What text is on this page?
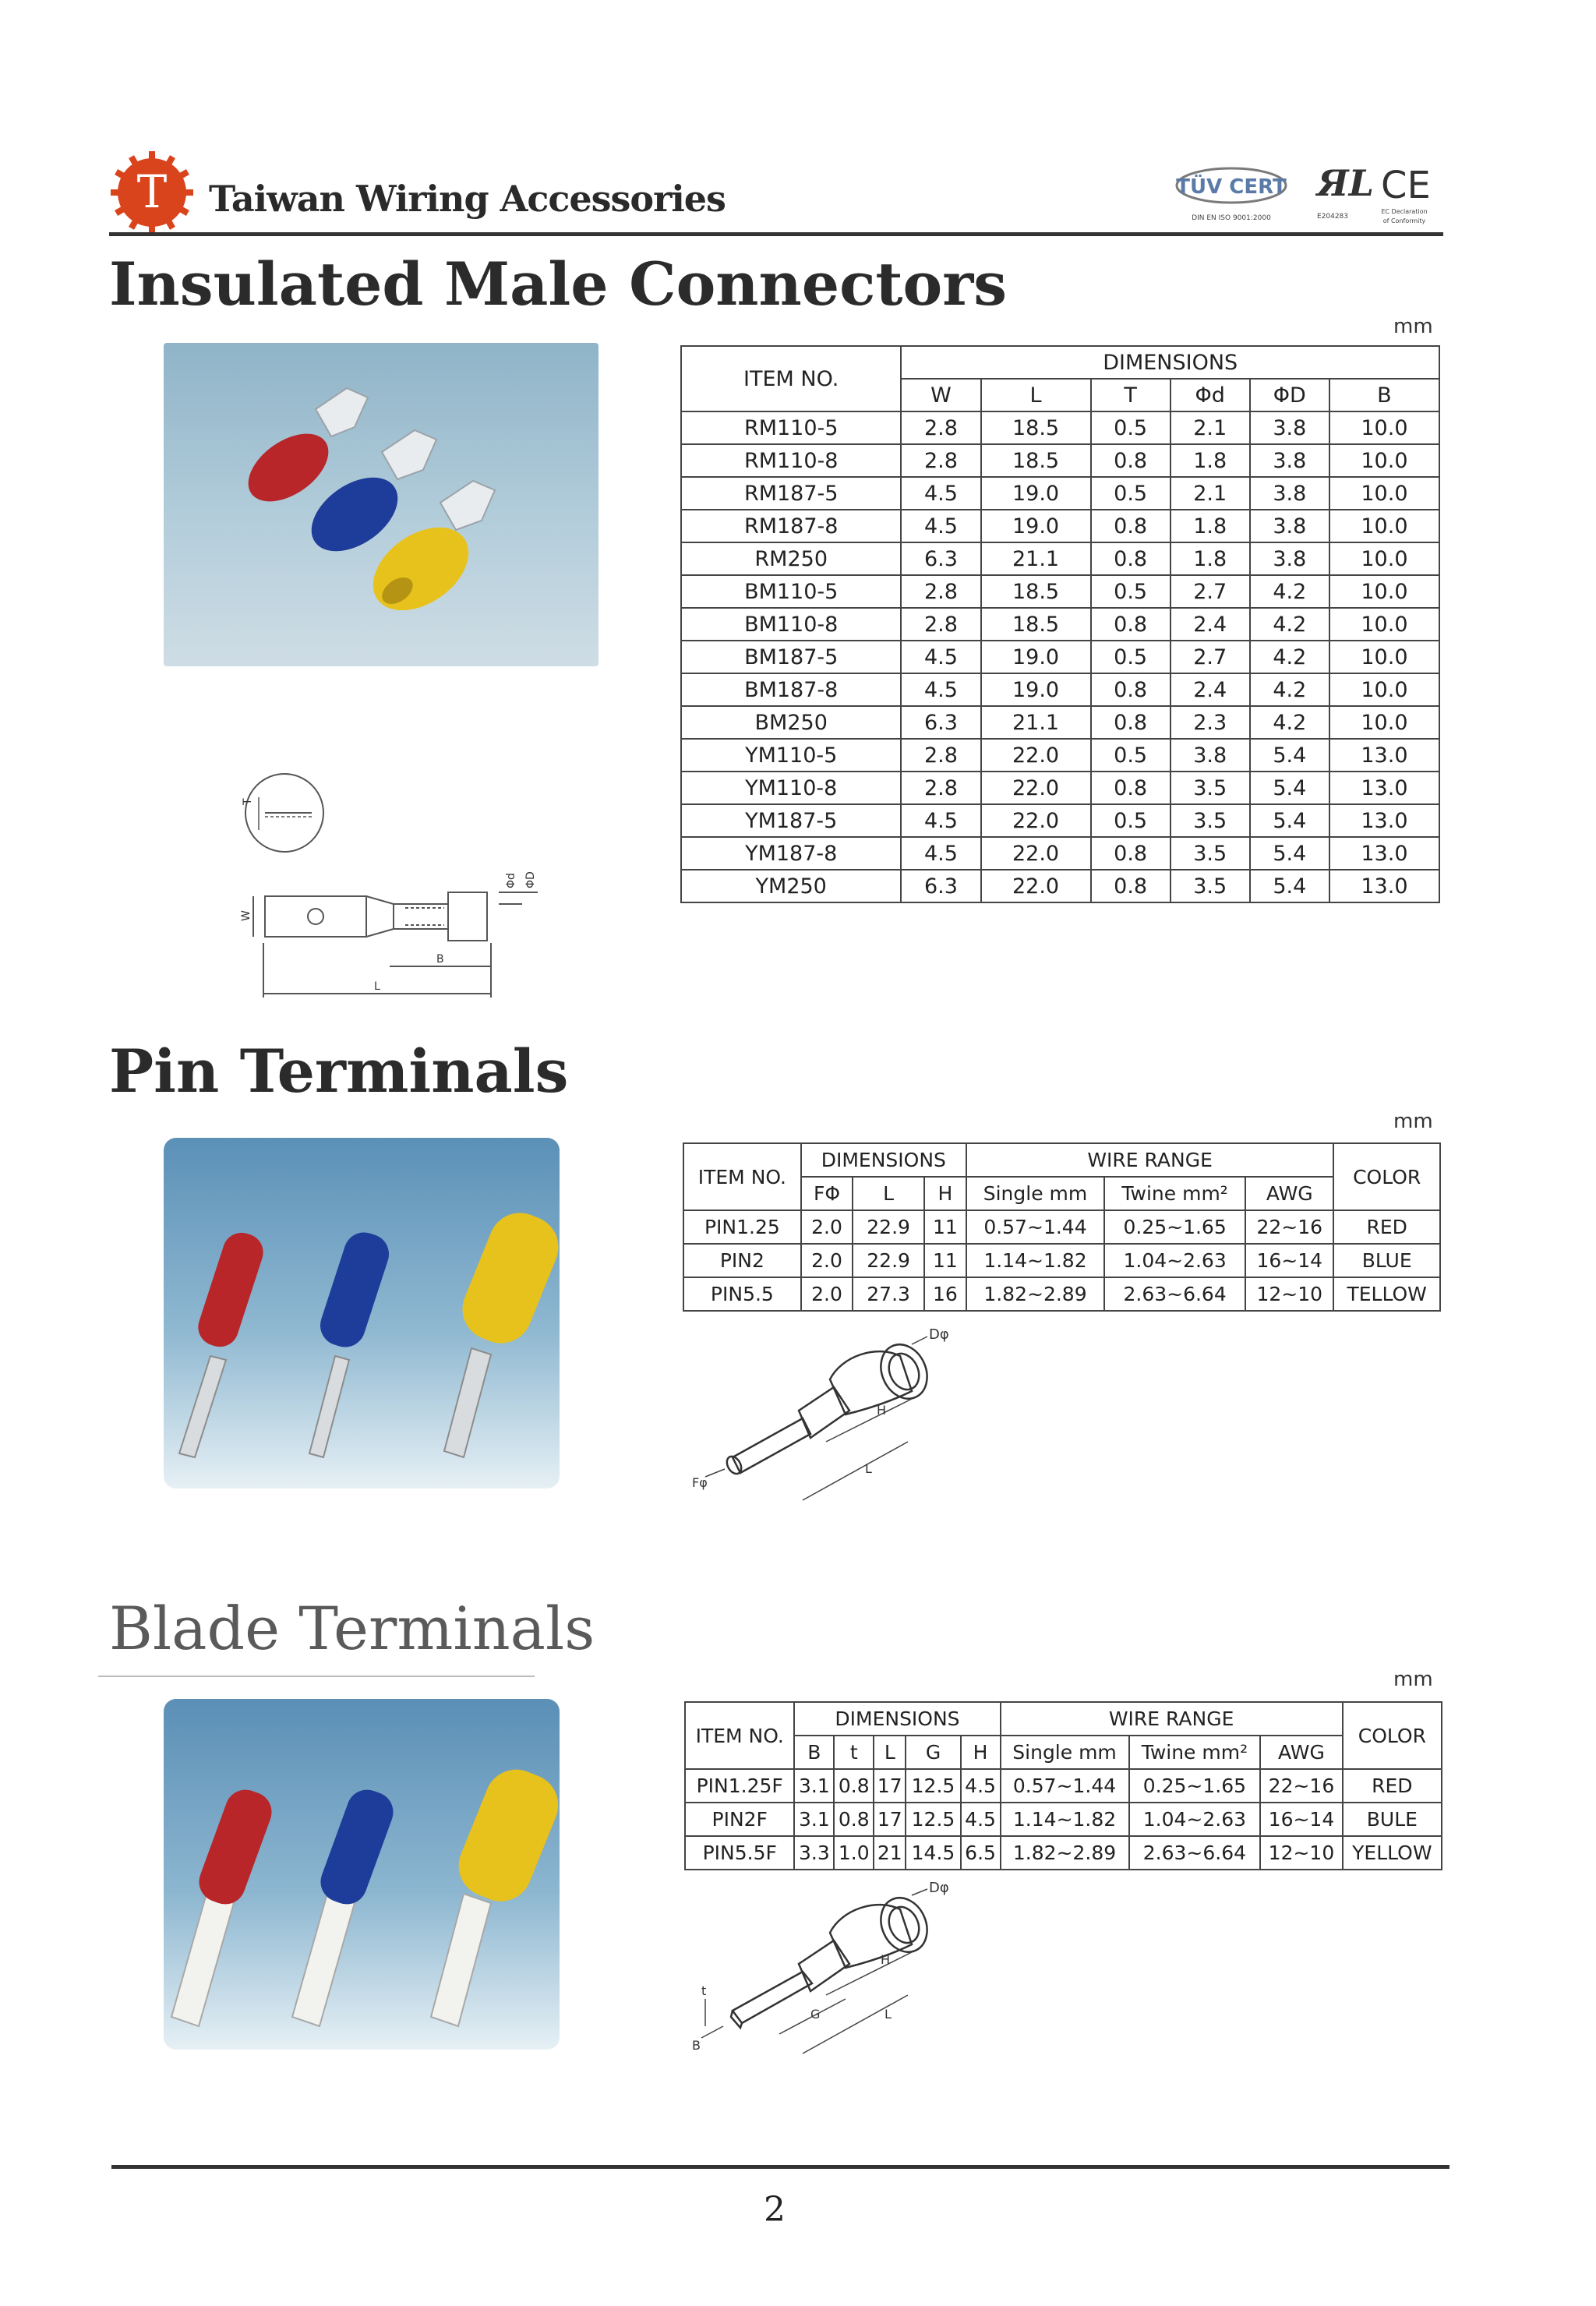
T Taiwan Wiring Accessories	TÜV CERT
DIN EN ISO 9001:2000
ЯL
E204283
CE
EC Declaration
of Conformity
Insulated Male Connectors
mm
ITEM NO.	DIMENSIONS					
	W	L	T	Φd	ΦD	B
RM110-5	2.8	18.5	0.5	2.1	3.8	10.0
RM110-8	2.8	18.5	0.8	1.8	3.8	10.0
RM187-5	4.5	19.0	0.5	2.1	3.8	10.0
RM187-8	4.5	19.0	0.8	1.8	3.8	10.0
RM250	6.3	21.1	0.8	1.8	3.8	10.0
BM110-5	2.8	18.5	0.5	2.7	4.2	10.0
BM110-8	2.8	18.5	0.8	2.4	4.2	10.0
BM187-5	4.5	19.0	0.5	2.7	4.2	10.0
BM187-8	4.5	19.0	0.8	2.4	4.2	10.0
BM250	6.3	21.1	0.8	2.3	4.2	10.0
YM110-5	2.8	22.0	0.5	3.8	5.4	13.0
YM110-8	2.8	22.0	0.8	3.5	5.4	13.0
YM187-5	4.5	22.0	0.5	3.5	5.4	13.0
YM187-8	4.5	22.0	0.8	3.5	5.4	13.0
YM250	6.3	22.0	0.8	3.5	5.4	13.0
T
W
B
L
Φd ΦD
Pin Terminals
mm
ITEM NO.	DIMENSIONS			WIRE RANGE			COLOR
	FΦ	L	H	Single mm	Twine mm²	AWG	
PIN1.25	2.0	22.9	11	0.57~1.44	0.25~1.65	22~16	RED
PIN2	2.0	22.9	11	1.14~1.82	1.04~2.63	16~14	BLUE
PIN5.5	2.0	27.3	16	1.82~2.89	2.63~6.64	12~10	TELLOW
Dφ
H
L
Fφ
Blade Terminals
mm
ITEM NO.	DIMENSIONS					WIRE RANGE			COLOR
	B	t	L	G	H	Single mm	Twine mm²	AWG	
PIN1.25F	3.1	0.8	17	12.5	4.5	0.57~1.44	0.25~1.65	22~16	RED
PIN2F	3.1	0.8	17	12.5	4.5	1.14~1.82	1.04~2.63	16~14	BULE
PIN5.5F	3.3	1.0	21	14.5	6.5	1.82~2.89	2.63~6.64	12~10	YELLOW
Dφ
H
G	L
t
B
2
